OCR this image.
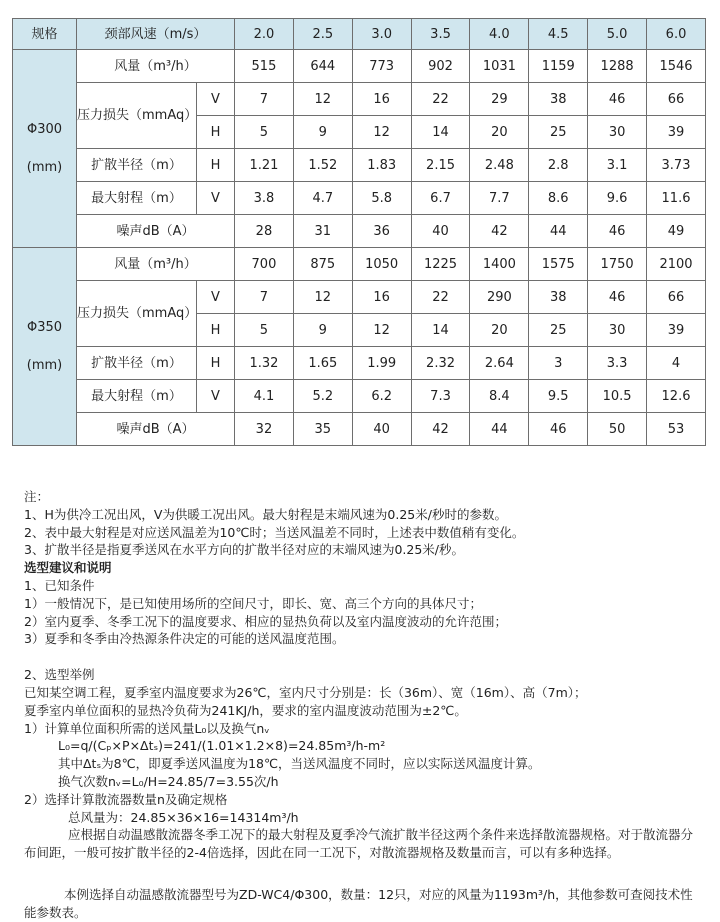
规格	颈部风速（m/s）		2.0	2.5	3.0	3.5	4.0	4.5	5.0	6.0

Φ300
(mm)	风量（m³/h）		515	644	773	902	1031	1159	1288	1546
	压力损失（mmAq）	V	7	12	16	22	29	38	46	66
		H	5	9	12	14	20	25	30	39
	扩散半径（m）	H	1.21	1.52	1.83	2.15	2.48	2.8	3.1	3.73
	最大射程（m）	V	3.8	4.7	5.8	6.7	7.7	8.6	9.6	11.6
	噪声dB（A）		28	31	36	40	42	44	46	49

Φ350
(mm)	风量（m³/h）		700	875	1050	1225	1400	1575	1750	2100
	压力损失（mmAq）	V	7	12	16	22	290	38	46	66
		H	5	9	12	14	20	25	30	39
	扩散半径（m）	H	1.32	1.65	1.99	2.32	2.64	3	3.3	4
	最大射程（m）	V	4.1	5.2	6.2	7.3	8.4	9.5	10.5	12.6
	噪声dB（A）		32	35	40	42	44	46	50	53

注：

1、H为供冷工况出风，V为供暖工况出风。最大射程是末端风速为0.25米/秒时的参数。

2、表中最大射程是对应送风温差为10℃时；当送风温差不同时，上述表中数值稍有变化。

3、扩散半径是指夏季送风在水平方向的扩散半径对应的末端风速为0.25米/秒。

选型建议和说明

1、已知条件

1）一般情况下，是已知使用场所的空间尺寸，即长、宽、高三个方向的具体尺寸；

2）室内夏季、冬季工况下的温度要求、相应的显热负荷以及室内温度波动的允许范围；

3）夏季和冬季由冷热源条件决定的可能的送风温度范围。

2、选型举例

已知某空调工程，夏季室内温度要求为26℃，室内尺寸分别是：长（36m）、宽（16m）、高（7m）；

夏季室内单位面积的显热冷负荷为241KJ/h，要求的室内温度波动范围为±2℃。

1）计算单位面积所需的送风量L₀以及换气nᵥ

L₀=q/(Cₚ×P×Δtₛ)=241/(1.01×1.2×8)=24.85m³/h-m²

其中Δtₛ为8℃，即夏季送风温度为18℃，当送风温度不同时，应以实际送风温度计算。

换气次数nᵥ=L₀/H=24.85/7=3.55次/h

2）选择计算散流器数量n及确定规格

总风量为：24.85×36×16=14314m³/h

应根据自动温感散流器冬季工况下的最大射程及夏季冷气流扩散半径这两个条件来选择散流器规格。对于散流器分布间距，一般可按扩散半径的2-4倍选择，因此在同一工况下，对散流器规格及数量而言，可以有多种选择。

本例选择自动温感散流器型号为ZD-WC4/Φ300，数量：12只，对应的风量为1193m³/h，其他参数可查阅技术性能参数表。
